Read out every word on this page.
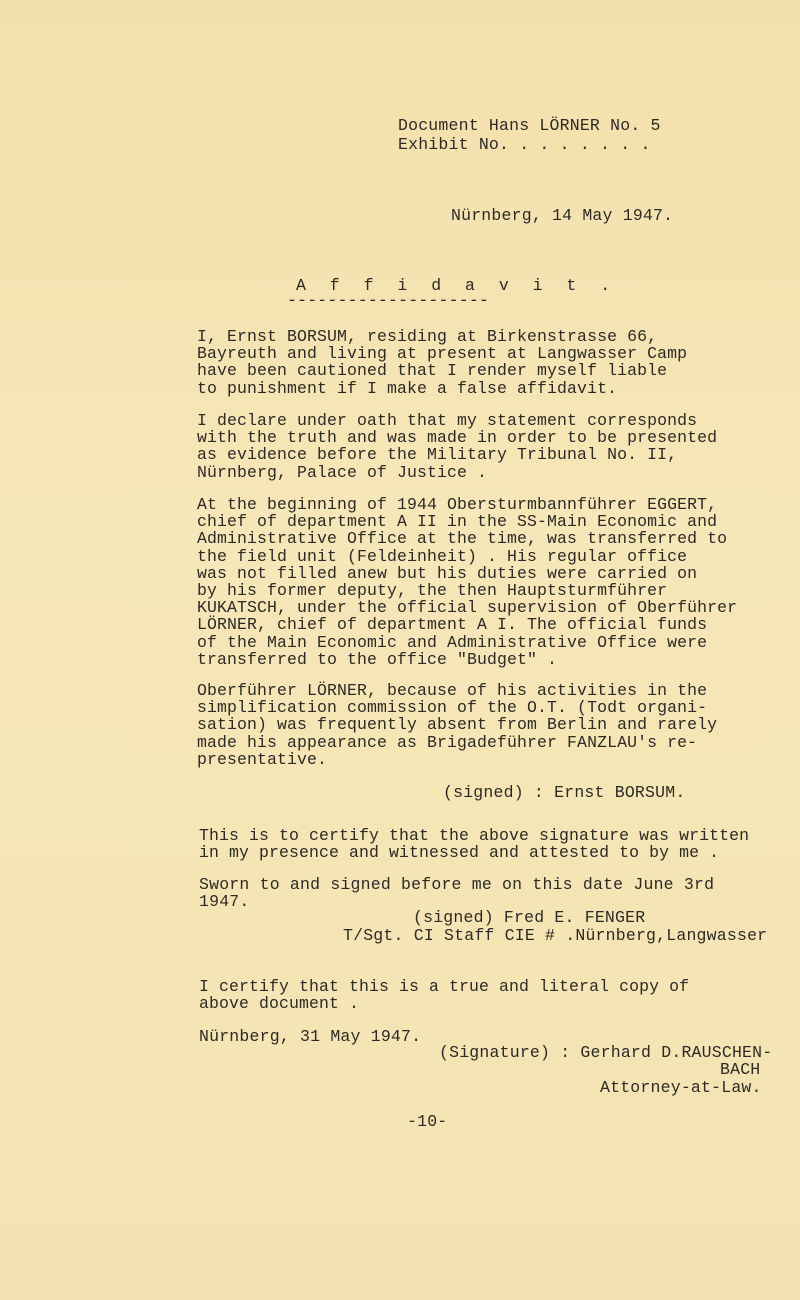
Document Hans LÖRNER No. 5
Exhibit No. . . . . . . .
Nürnberg, 14 May 1947.
A f f i d a v i t .
--------------------
I, Ernst BORSUM, residing at Birkenstrasse 66,
Bayreuth and living at present at Langwasser Camp
have been cautioned that I render myself liable
to punishment if I make a false affidavit.
I declare under oath that my statement corresponds
with the truth and was made in order to be presented
as evidence before the Military Tribunal No. II,
Nürnberg, Palace of Justice .
At the beginning of 1944 Obersturmbannführer EGGERT,
chief of department A II in the SS-Main Economic and
Administrative Office at the time, was transferred to
the field unit (Feldeinheit) . His regular office
was not filled anew but his duties were carried on
by his former deputy, the then Hauptsturmführer
KUKATSCH, under the official supervision of Oberführer
LÖRNER, chief of department A I. The official funds
of the Main Economic and Administrative Office were
transferred to the office "Budget" .
Oberführer LÖRNER, because of his activities in the
simplification commission of the O.T. (Todt organi-
sation) was frequently absent from Berlin and rarely
made his appearance as Brigadeführer FANZLAU's re-
presentative.
(signed) : Ernst BORSUM.
This is to certify that the above signature was written
in my presence and witnessed and attested to by me .
Sworn to and signed before me on this date June 3rd
1947.
(signed) Fred E. FENGER
T/Sgt. CI Staff CIE # .Nürnberg,Langwasser
I certify that this is a true and literal copy of
above document .
Nürnberg, 31 May 1947.
(Signature) : Gerhard D.RAUSCHEN-
BACH
Attorney-at-Law.
-10-
